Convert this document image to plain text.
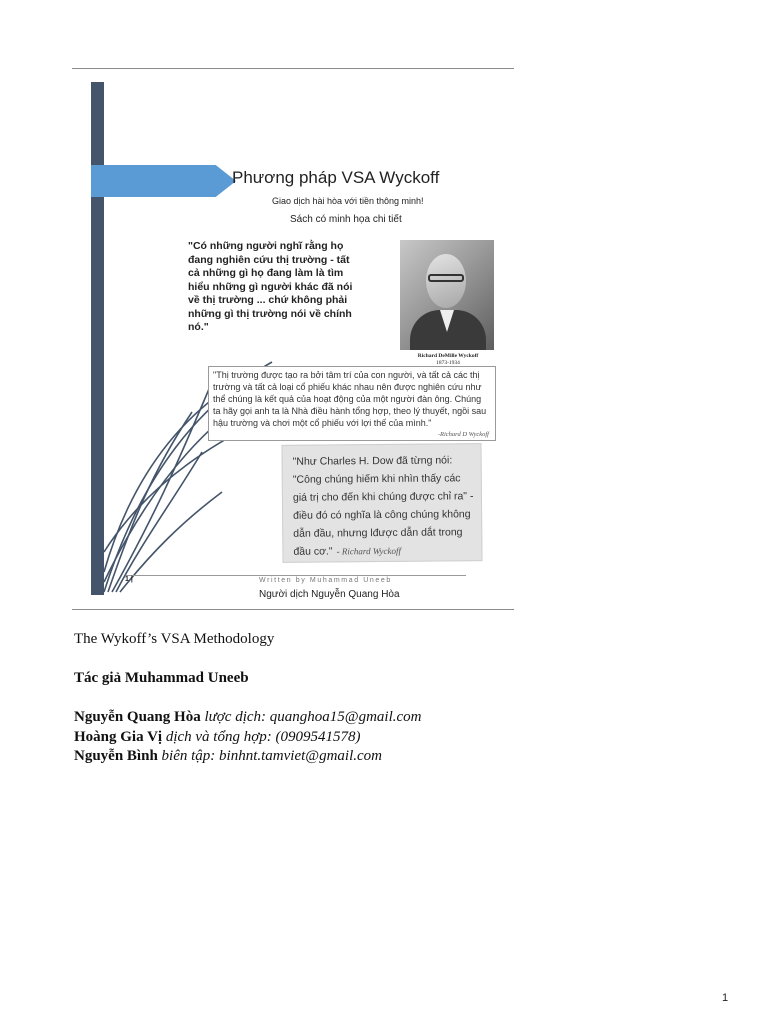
Phương pháp VSA Wyckoff
Giao dịch hài hòa với tiền thông minh!
Sách có minh họa chi tiết
"Có những người nghĩ rằng họ đang nghiên cứu thị trường - tất cả những gì họ đang làm là tìm hiểu những gì người khác đã nói về thị trường ... chứ không phải những gì thị trường nói về chính nó."
Richard DeMille Wyckoff
1873-1934
"Thị trường được tạo ra bởi tâm trí của con người, và tất cả các thị trường và tất cả loại cổ phiếu khác nhau nên được nghiên cứu như thể chúng là kết quả của hoạt động của một người đàn ông. Chúng ta hãy gọi anh ta là Nhà điều hành tổng hợp, theo lý thuyết, ngồi sau hậu trường và chơi một cổ phiếu với lợi thế của mình."
-Richard D Wyckoff
"Như Charles H. Dow đã từng nói: "Công chúng hiếm khi nhìn thấy các giá trị cho đến khi chúng được chỉ ra" - điều đó có nghĩa là công chúng không dẫn đầu, nhưng lđược dẫn dắt trong đầu cơ." - Richard Wyckoff
1 |	Written by Muhammad Uneeb
Người dịch Nguyễn Quang Hòa
The Wykoff’s VSA Methodology
Tác giả Muhammad Uneeb
Nguyễn Quang Hòa lược dịch: quanghoa15@gmail.com
Hoàng Gia Vị dịch và tổng hợp: (0909541578)
Nguyễn Bình biên tập: binhnt.tamviet@gmail.com
1
